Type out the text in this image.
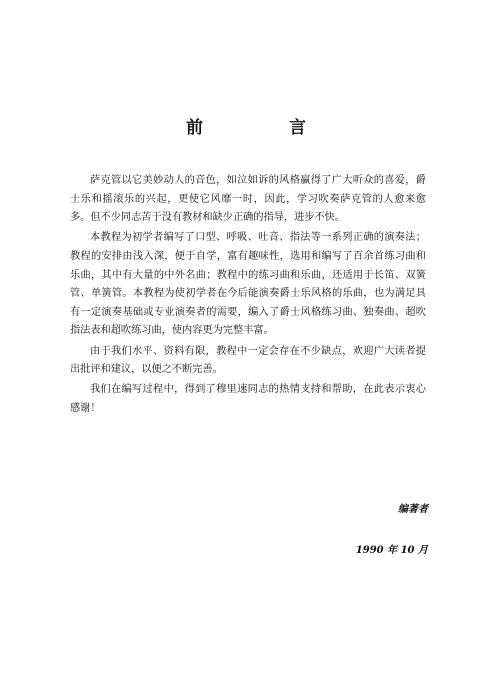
前 言

萨克管以它美妙动人的音色，如泣如诉的风格赢得了广大听众的喜爱，爵士乐和摇滚乐的兴起，更使它风靡一时，因此，学习吹奏萨克管的人愈来愈多。但不少同志苦于没有教材和缺少正确的指导，进步不快。

本教程为初学者编写了口型、呼吸、吐音、指法等一系列正确的演奏法；教程的安排由浅入深，便于自学，富有趣味性，选用和编写了百余首练习曲和乐曲，其中有大量的中外名曲；教程中的练习曲和乐曲，还适用于长笛、双簧管、单簧管。本教程为使初学者在今后能演奏爵士乐风格的乐曲，也为满足具有一定演奏基础或专业演奏者的需要，编入了爵士风格练习曲、独奏曲、超吹指法表和超吹练习曲，使内容更为完整丰富。

由于我们水平、资料有限，教程中一定会存在不少缺点，欢迎广大读者提出批评和建议，以便之不断完善。

我们在编写过程中，得到了穆里速同志的热情支持和帮助，在此表示衷心感谢！

编著者
1990 年 10 月
